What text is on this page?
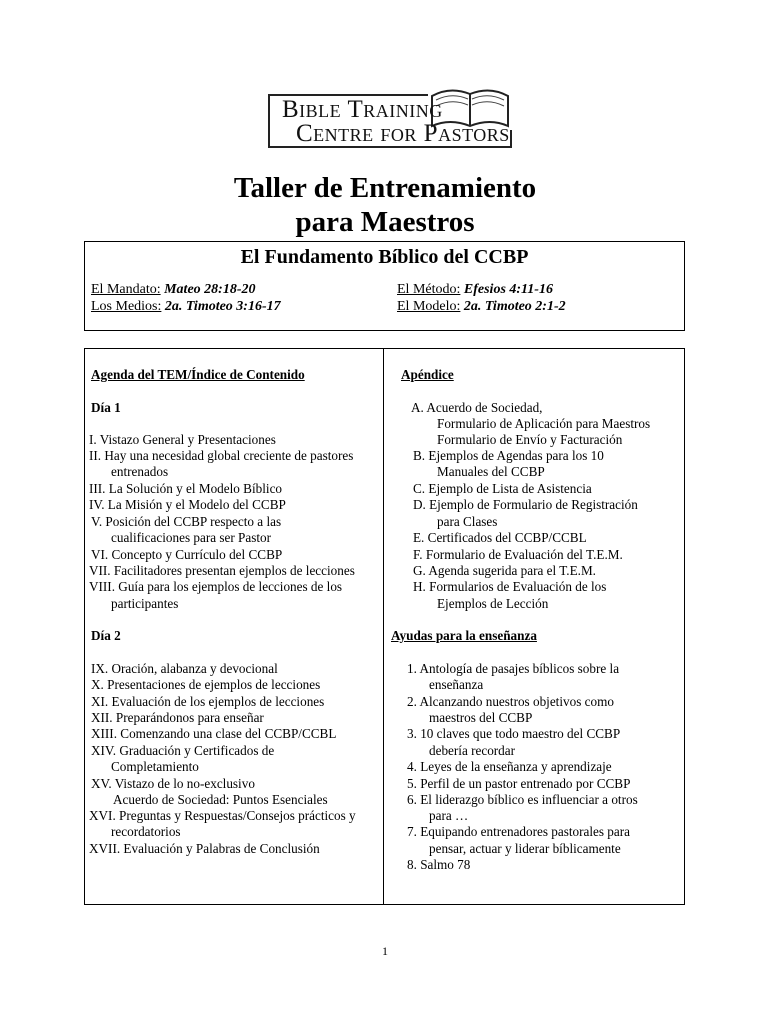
Bible Training
Centre for Pastors
Taller de Entrenamiento
para Maestros
El Fundamento Bíblico del CCBP
El Mandato: Mateo 28:18-20
Los Medios: 2a. Timoteo 3:16-17
El Método: Efesios 4:11-16
El Modelo: 2a. Timoteo 2:1-2
Agenda del TEM/Índice de Contenido
Día 1
I. Vistazo General y Presentaciones
II. Hay una necesidad global creciente de pastores
entrenados
III. La Solución y el Modelo Bíblico
IV. La Misión y el Modelo del CCBP
V. Posición del CCBP respecto a las
cualificaciones para ser Pastor
VI. Concepto y Currículo del CCBP
VII. Facilitadores presentan ejemplos de lecciones
VIII. Guía para los ejemplos de lecciones de los
participantes
Día 2
IX. Oración, alabanza y devocional
X. Presentaciones de ejemplos de lecciones
XI. Evaluación de los ejemplos de lecciones
XII. Preparándonos para enseñar
XIII. Comenzando una clase del CCBP/CCBL
XIV. Graduación y Certificados de
Completamiento
XV. Vistazo de lo no-exclusivo
Acuerdo de Sociedad: Puntos Esenciales
XVI. Preguntas y Respuestas/Consejos prácticos y
recordatorios
XVII. Evaluación y Palabras de Conclusión
Apéndice
A. Acuerdo de Sociedad,
Formulario de Aplicación para Maestros
Formulario de Envío y Facturación
B. Ejemplos de Agendas para los 10
Manuales del CCBP
C. Ejemplo de Lista de Asistencia
D. Ejemplo de Formulario de Registración
para Clases
E. Certificados del CCBP/CCBL
F. Formulario de Evaluación del T.E.M.
G. Agenda sugerida para el T.E.M.
H. Formularios de Evaluación de los
Ejemplos de Lección
Ayudas para la enseñanza
1. Antología de pasajes bíblicos sobre la
enseñanza
2. Alcanzando nuestros objetivos como
maestros del CCBP
3. 10 claves que todo maestro del CCBP
debería recordar
4. Leyes de la enseñanza y aprendizaje
5. Perfil de un pastor entrenado por CCBP
6. El liderazgo bíblico es influenciar a otros
para …
7. Equipando entrenadores pastorales para
pensar, actuar y liderar bíblicamente
8. Salmo 78
1
